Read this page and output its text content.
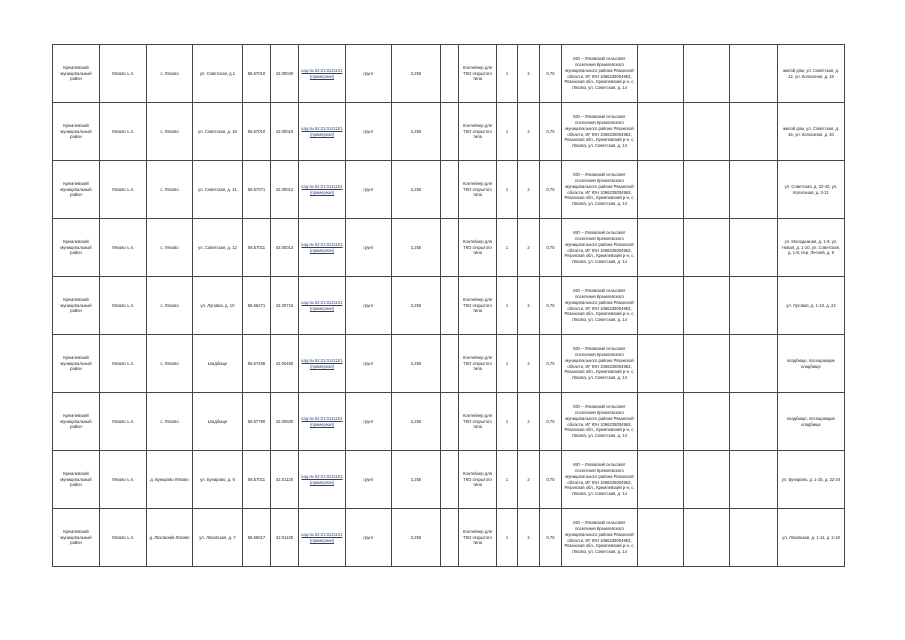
Кремлевский муниципальный район	Ляхово ъ.п.	с. Ляхово	ул. Советская, д.1	58.57010	42.00040	кад.№ 52:21:0121101 (примерная)	грунт	2,250		Контейнер для ТКО открытого типа	1	2	0,75	МО – Ляховский сельсовет поселения Кремлевского муниципального района Рязанской области, ИГ ЮН 1066228004963, Рязанская обл., Кремлевский р-н, с. Ляхово, ул. Советская, д. 14				жилой дом, ул. Советская, д. 12, ул. Колхозная, д. 18
Кремлевский муниципальный район	Ляхово ъ.п.	с. Ляхово	ул. Советская, д. 18	58.57010	42.00010	кад.№ 52:21:0121101 (примерная)	грунт	2,250		Контейнер для ТКО открытого типа	1	2	0,75	МО – Ляховский сельсовет поселения Кремлевского муниципального района Рязанской области, ИГ ЮН 1066228004963, Рязанская обл., Кремлевский р-н, с. Ляхово, ул. Советская, д. 14				жилой дом, ул. Советская, д. 16, ул. Колхозная, д. 20
Кремлевский муниципальный район	Ляхово ъ.п.	с. Ляхово	ул. Советская, д. 41	58.57071	42.00012	кад.№ 52:21:0121101 (примерная)	грунт	2,250		Контейнер для ТКО открытого типа	1	2	0,75	МО – Ляховский сельсовет поселения Кремлевского муниципального района Рязанской области, ИГ ЮН 1066228004963, Рязанская обл., Кремлевский р-н, с. Ляхово, ул. Советская, д. 14				ул. Советская, д. 22-40, ул. Колхозная, д. 2-21
Кремлевский муниципальный район	Ляхово ъ.п.	с. Ляхово	ул. Советская, д. 12	58.57011	42.00013	кад.№ 52:21:0121101 (примерная)	грунт	2,250		Контейнер для ТКО открытого типа	1	2	0,75	МО – Ляховский сельсовет поселения Кремлевского муниципального района Рязанской области, ИГ ЮН 1066228004963, Рязанская обл., Кремлевский р-н, с. Ляхово, ул. Советская, д. 14				ул. Молодежная, д. 1-9, ул. Новая, д. 1-10, ул. Советская, д. 1-8, пер. Лесной, д. 9
Кремлевский муниципальный район	Ляхово ъ.п.	с. Ляхово	ул. Луговая, д. 10	58.56471	42.00715	кад.№ 52:21:0121101 (примерная)	грунт	2,250		Контейнер для ТКО открытого типа	1	2	0,75	МО – Ляховский сельсовет поселения Кремлевского муниципального района Рязанской области, ИГ ЮН 1066228004963, Рязанская обл., Кремлевский р-н, с. Ляхово, ул. Советская, д. 14				ул. Луговая, д. 1-10, д. 22
Кремлевский муниципальный район	Ляхово ъ.п.	с. Ляхово	кладбище	58.57406	42.00460	кад.№ 52:21:0121101 (примерная)	грунт	2,250		Контейнер для ТКО открытого типа	1	2	0,75	МО – Ляховский сельсовет поселения Кремлевского муниципального района Рязанской области, ИГ ЮН 1066228004963, Рязанская обл., Кремлевский р-н, с. Ляхово, ул. Советская, д. 14				кладбище, посещающие кладбище
Кремлевский муниципальный район	Ляхово ъ.п.	с. Ляхово	кладбище	58.57790	42.00500	кад.№ 52:21:0121101 (примерная)	грунт	2,250		Контейнер для ТКО открытого типа	1	2	0,75	МО – Ляховский сельсовет поселения Кремлевского муниципального района Рязанской области, ИГ ЮН 1066228004963, Рязанская обл., Кремлевский р-н, с. Ляхово, ул. Советская, д. 14				кладбище, посещающие кладбище
Кремлевский муниципальный район	Ляхово ъ.п.	д. Бунарово Ляхово	ул. Бунарово, д. 9	58.57011	42.01120	кад.№ 52:21:0121101 (примерная)	грунт	2,250		Контейнер для ТКО открытого типа	1	2	0,75	МО – Ляховский сельсовет поселения Кремлевского муниципального района Рязанской области, ИГ ЮН 1066228004963, Рязанская обл., Кремлевский р-н, с. Ляхово, ул. Советская, д. 14				ул. Бунарово, д. 1-15, д. 22-24
Кремлевский муниципальный район	Ляхово ъ.п.	д. Ляховский Ляхово	ул. Ляховская, д. 7	58.56017	42.01130	кад.№ 52:21:0121101 (примерная)	грунт	2,250		Контейнер для ТКО открытого типа	1	2	0,75	МО – Ляховский сельсовет поселения Кремлевского муниципального района Рязанской области, ИГ ЮН 1066228004963, Рязанская обл., Кремлевский р-н, с. Ляхово, ул. Советская, д. 14				ул. Ляховская, д. 1-11, д. 2-18
